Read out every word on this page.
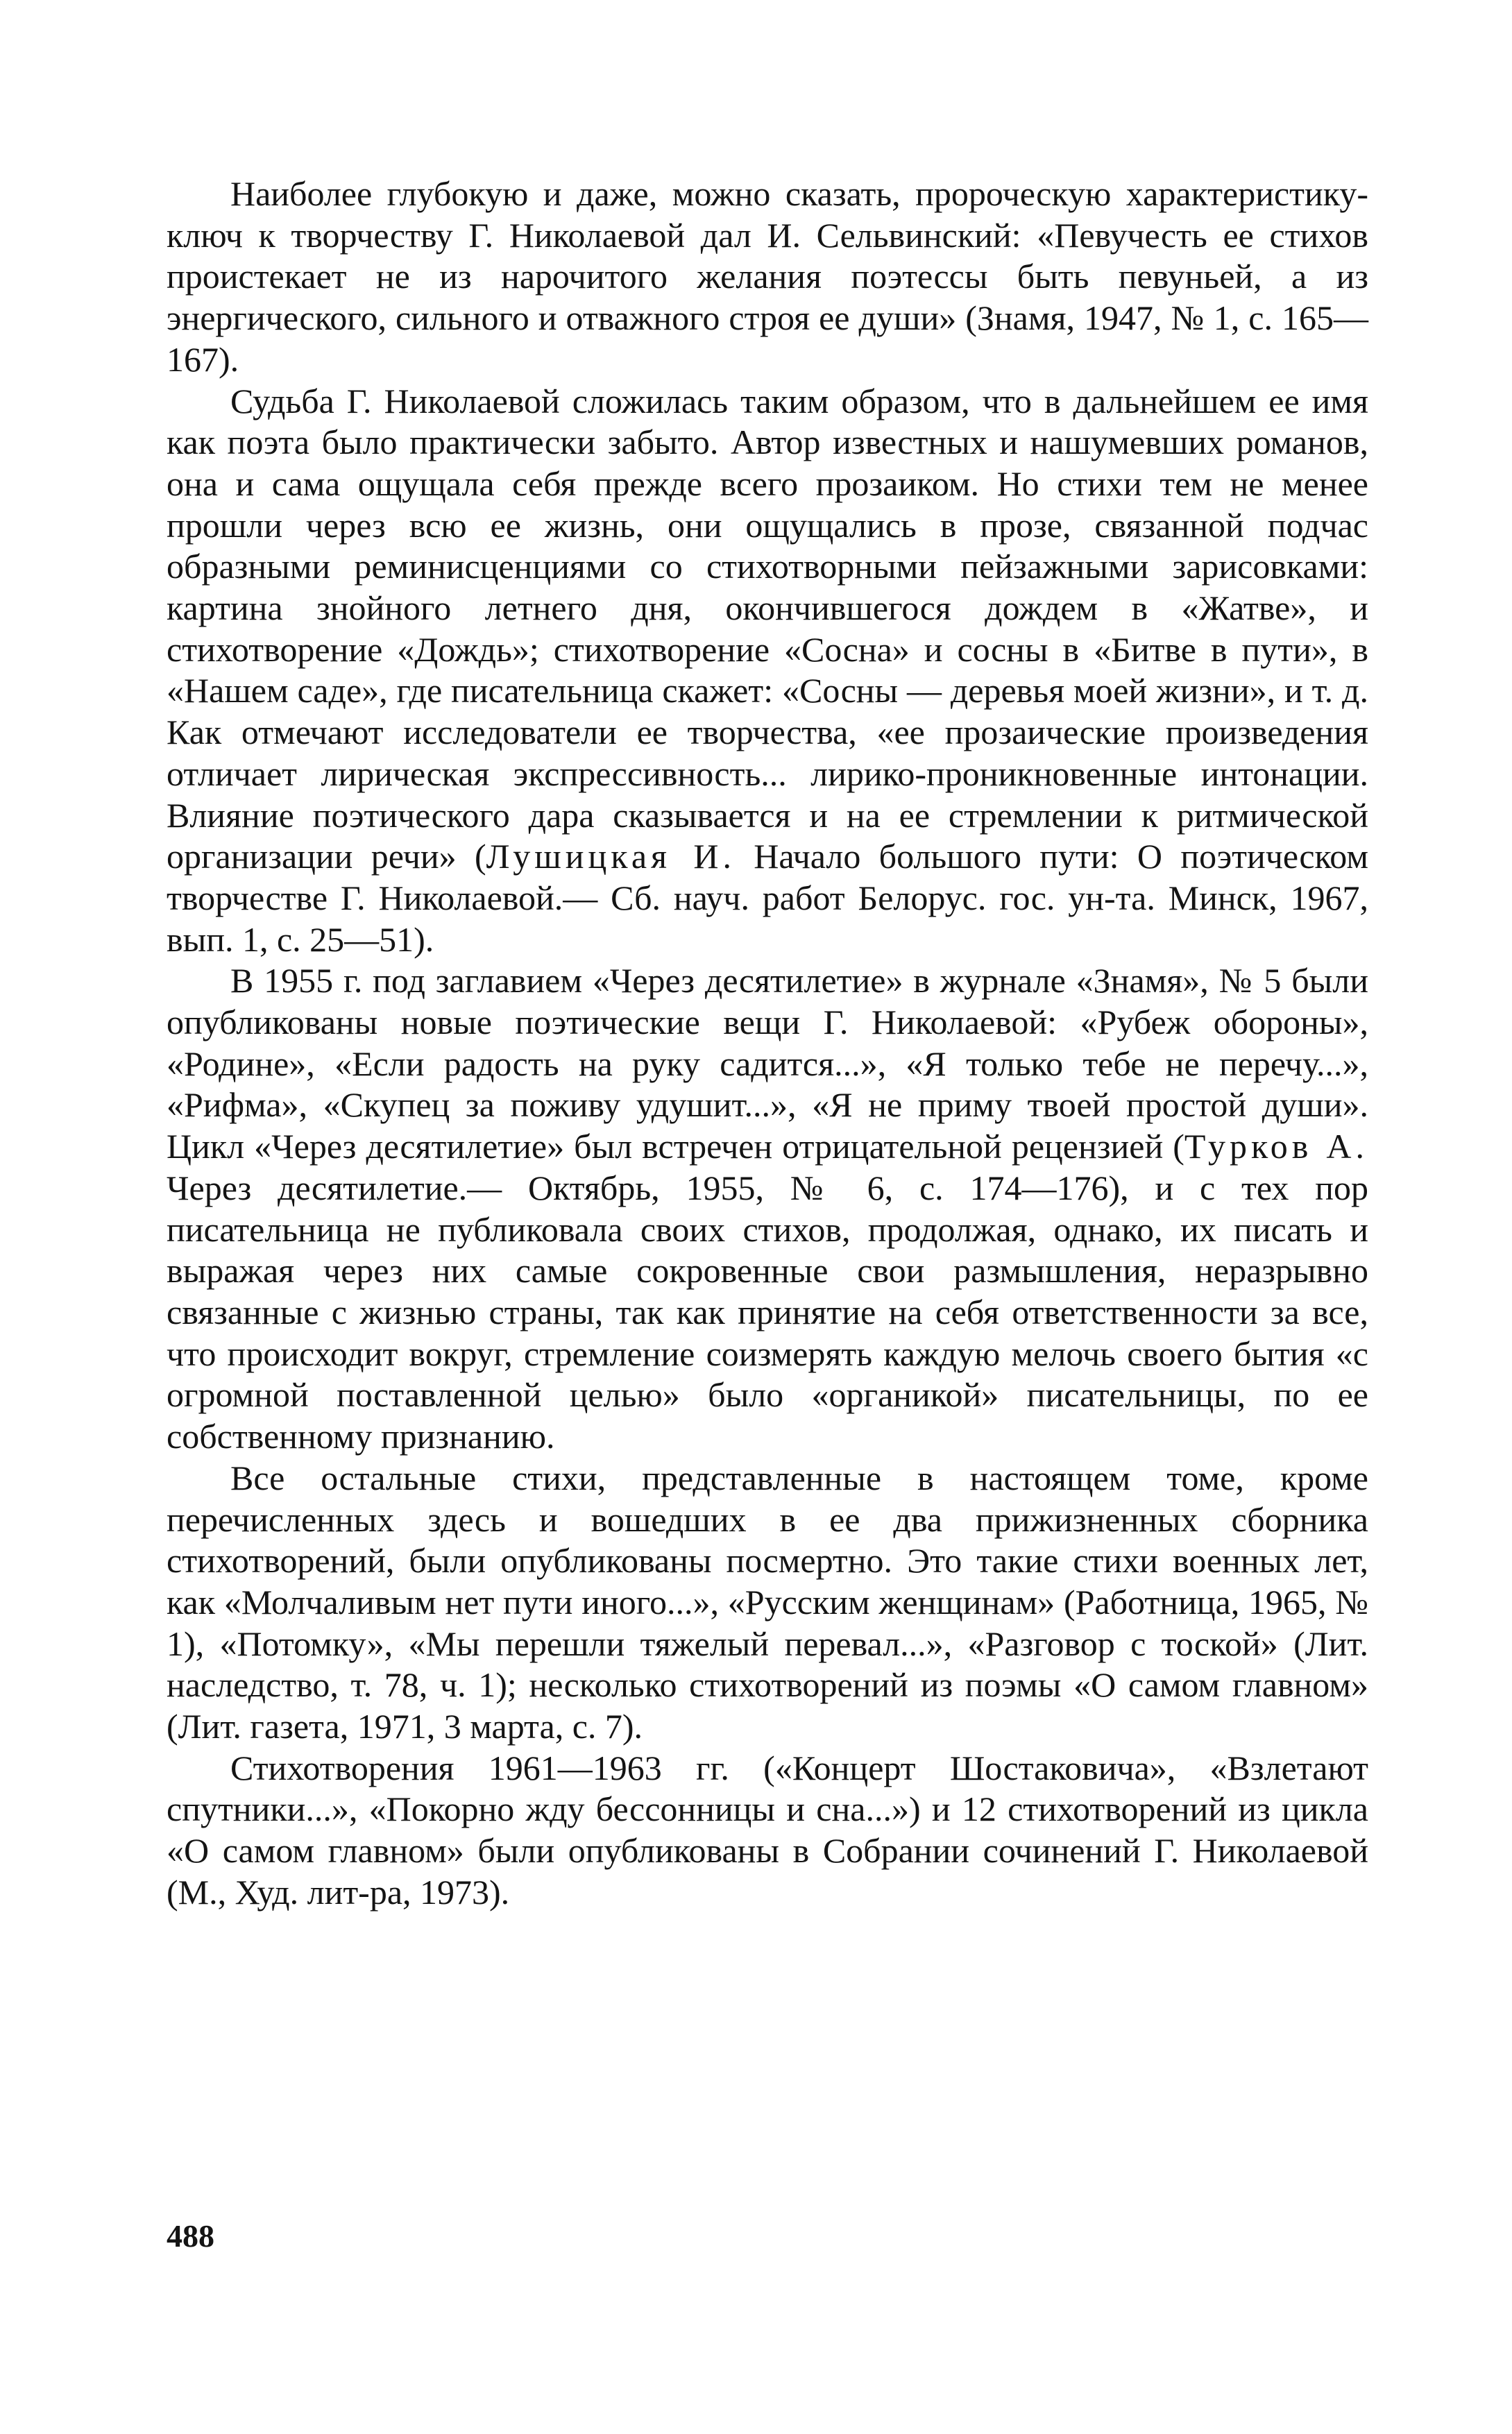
Наиболее глубокую и даже, можно сказать, пророческую характеристику-ключ к творчеству Г. Николаевой дал И. Сельвинский: «Певучесть ее стихов проистекает не из нарочитого желания поэтессы быть певуньей, а из энергического, сильного и отважного строя ее души» (Знамя, 1947, № 1, с. 165—167).

Судьба Г. Николаевой сложилась таким образом, что в дальнейшем ее имя как поэта было практически забыто. Автор известных и нашумевших романов, она и сама ощущала себя прежде всего прозаиком. Но стихи тем не менее прошли через всю ее жизнь, они ощущались в прозе, связанной подчас образными реминисценциями со стихотворными пейзажными зарисовками: картина знойного летнего дня, окончившегося дождем в «Жатве», и стихотворение «Дождь»; стихотворение «Сосна» и сосны в «Битве в пути», в «Нашем саде», где писательница скажет: «Сосны — деревья моей жизни», и т. д. Как отмечают исследователи ее творчества, «ее прозаические произведения отличает лирическая экспрессивность... лирико-проникновенные интонации. Влияние поэтического дара сказывается и на ее стремлении к ритмической организации речи» (Лушицкая И. Начало большого пути: О поэтическом творчестве Г. Николаевой.— Сб. науч. работ Белорус. гос. ун-та. Минск, 1967, вып. 1, с. 25—51).

В 1955 г. под заглавием «Через десятилетие» в журнале «Знамя», № 5 были опубликованы новые поэтические вещи Г. Николаевой: «Рубеж обороны», «Родине», «Если радость на руку садится...», «Я только тебе не перечу...», «Рифма», «Скупец за поживу удушит...», «Я не приму твоей простой души». Цикл «Через десятилетие» был встречен отрицательной рецензией (Турков А. Через десятилетие.— Октябрь, 1955, № 6, с. 174—176), и с тех пор писательница не публиковала своих стихов, продолжая, однако, их писать и выражая через них самые сокровенные свои размышления, неразрывно связанные с жизнью страны, так как принятие на себя ответственности за все, что происходит вокруг, стремление соизмерять каждую мелочь своего бытия «с огромной поставленной целью» было «органикой» писательницы, по ее собственному признанию.

Все остальные стихи, представленные в настоящем томе, кроме перечисленных здесь и вошедших в ее два прижизненных сборника стихотворений, были опубликованы посмертно. Это такие стихи военных лет, как «Молчаливым нет пути иного...», «Русским женщинам» (Работница, 1965, № 1), «Потомку», «Мы перешли тяжелый перевал...», «Разговор с тоской» (Лит. наследство, т. 78, ч. 1); несколько стихотворений из поэмы «О самом главном» (Лит. газета, 1971, 3 марта, с. 7).

Стихотворения 1961—1963 гг. («Концерт Шостаковича», «Взлетают спутники...», «Покорно жду бессонницы и сна...») и 12 стихотворений из цикла «О самом главном» были опубликованы в Собрании сочинений Г. Николаевой (М., Худ. лит-ра, 1973).

488
